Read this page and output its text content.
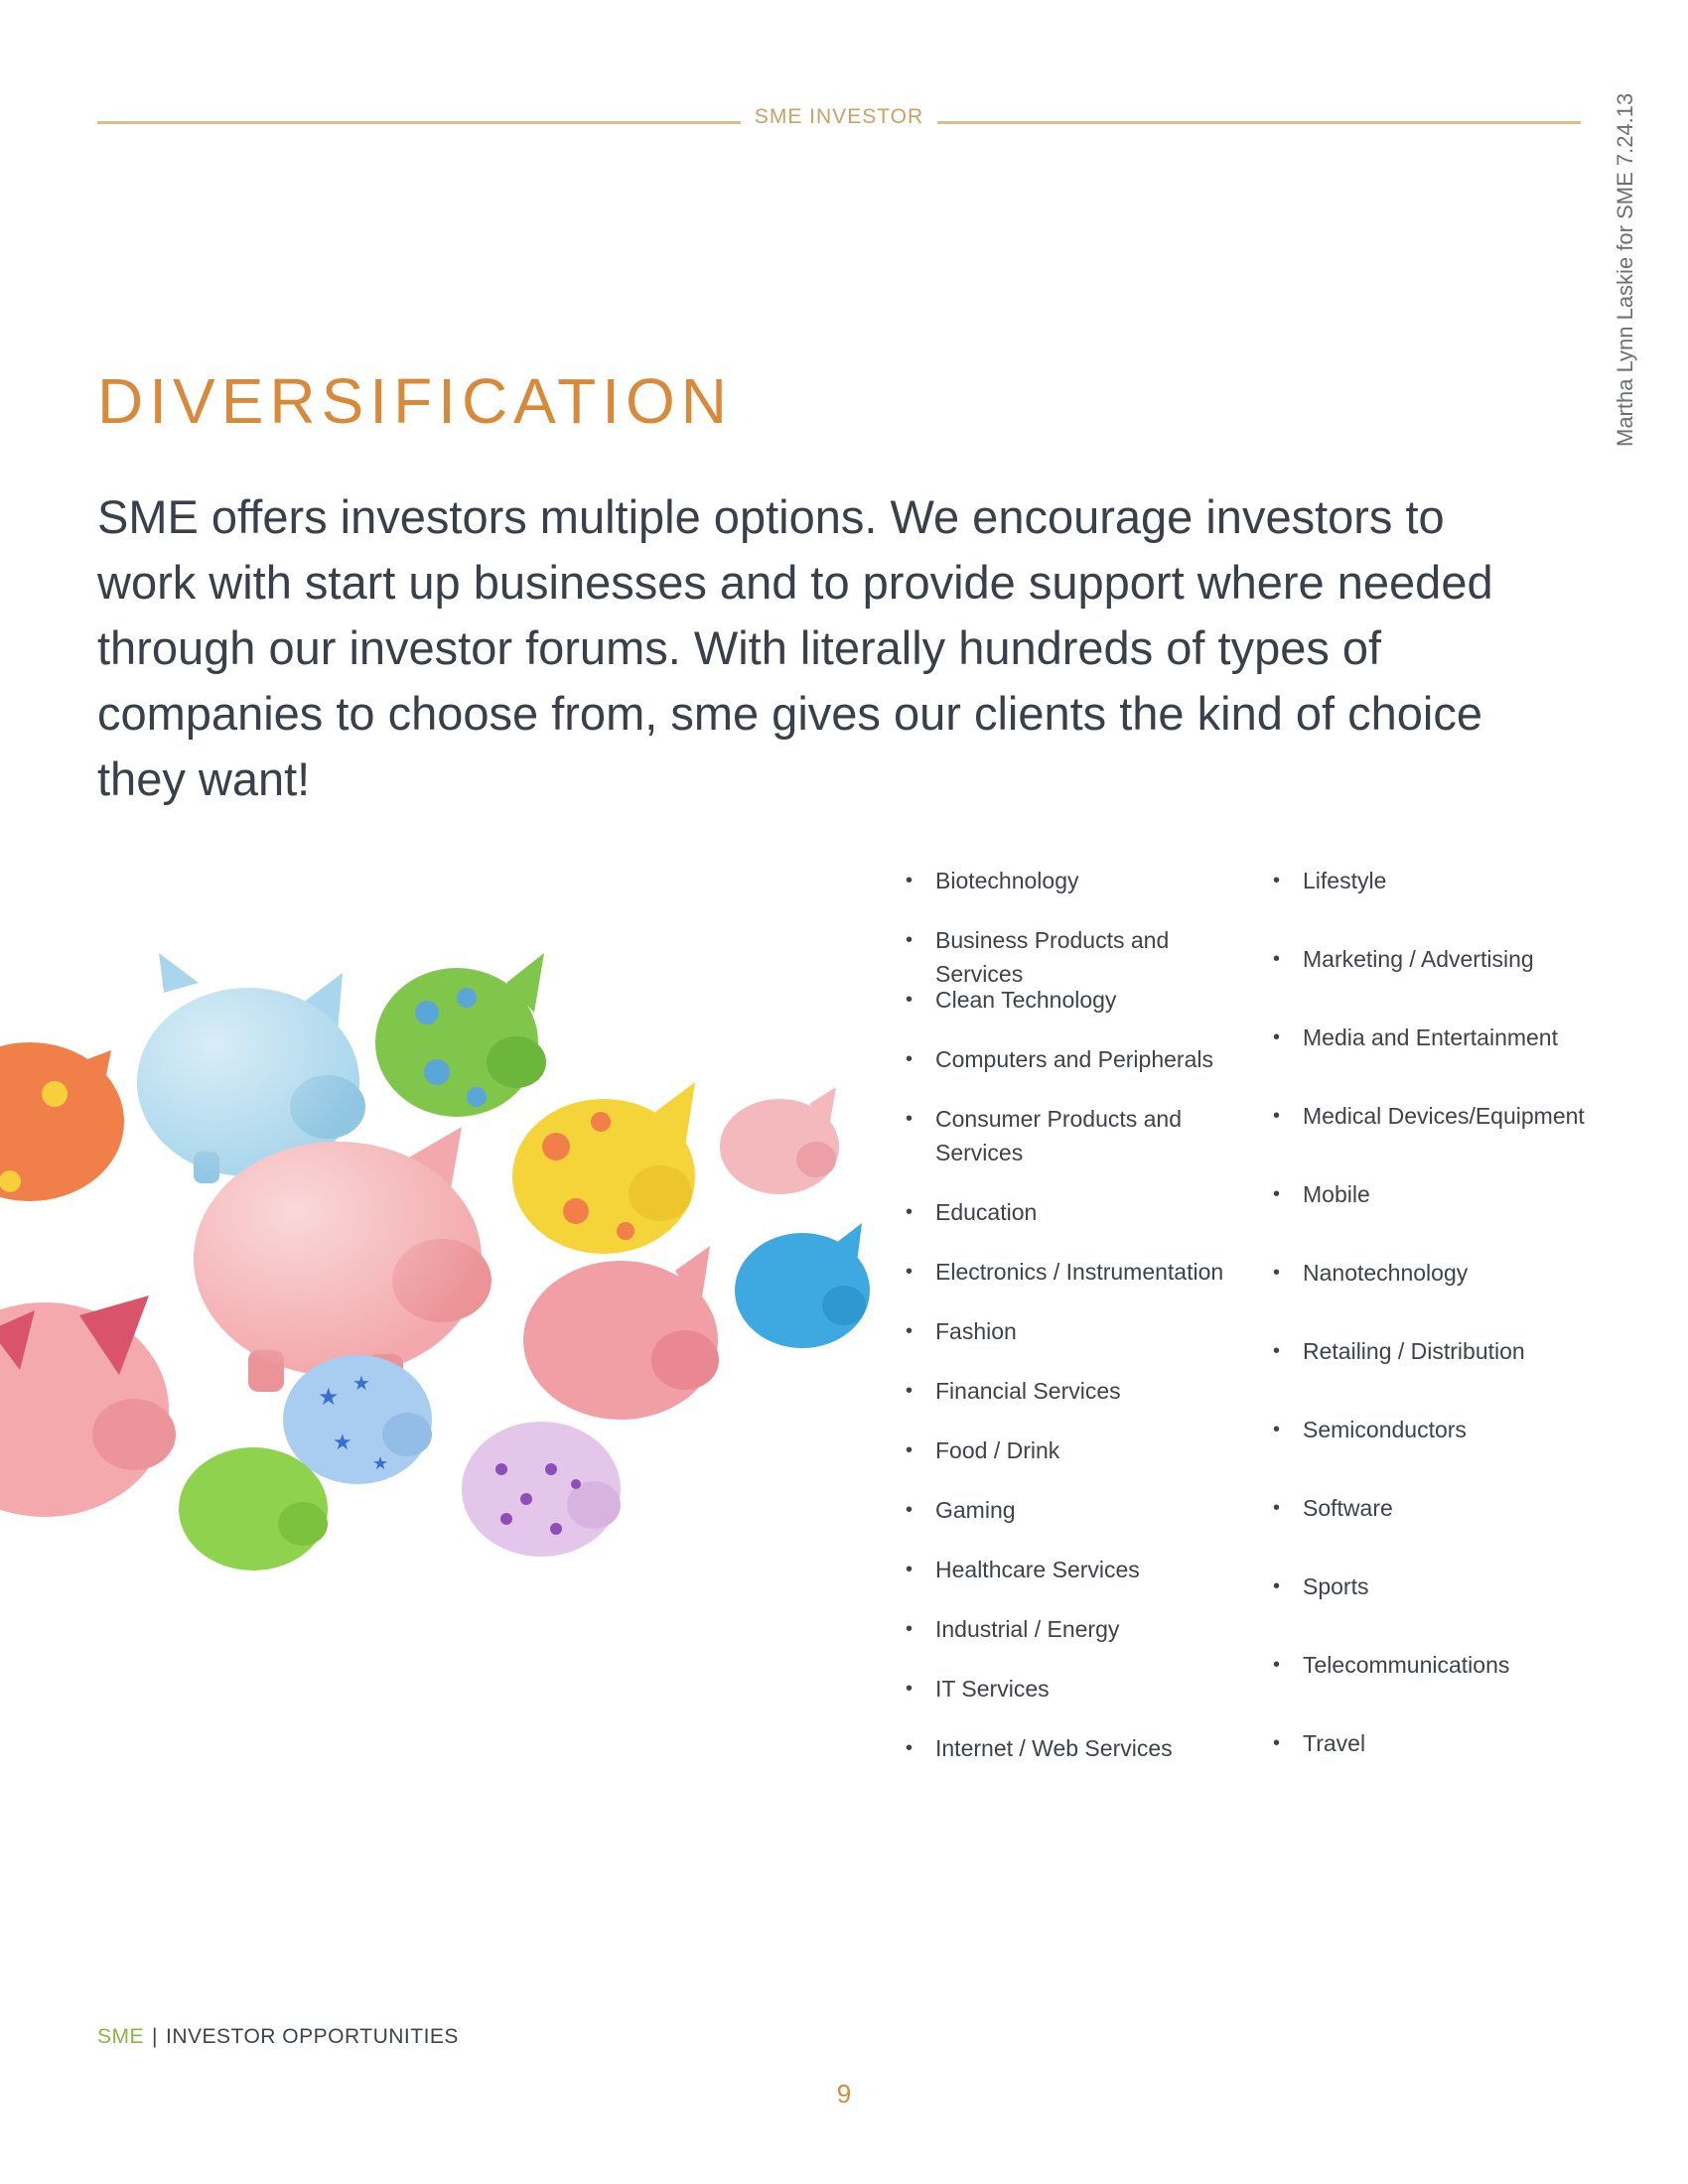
SME INVESTOR	Martha Lynn Laskie for SME 7.24.13
DIVERSIFICATION

SME offers investors multiple options. We encourage investors to work with start up businesses and to provide support where needed through our investor forums. With literally hundreds of types of companies to choose from, sme gives our clients the kind of choice they want!

★ ★
★
★
• Biotechnology
• Business Products and Services
• Clean Technology
• Computers and Peripherals
• Consumer Products and Services
• Education
• Electronics / Instrumentation
• Fashion
• Financial Services
• Food / Drink
• Gaming
• Healthcare Services
• Industrial / Energy
• IT Services
• Internet / Web Services
• Lifestyle
• Marketing / Advertising
• Media and Entertainment
• Medical Devices/Equipment
• Mobile
• Nanotechnology
• Retailing / Distribution
• Semiconductors
• Software
• Sports
• Telecommunications
• Travel
SME | INVESTOR OPPORTUNITIES
9
